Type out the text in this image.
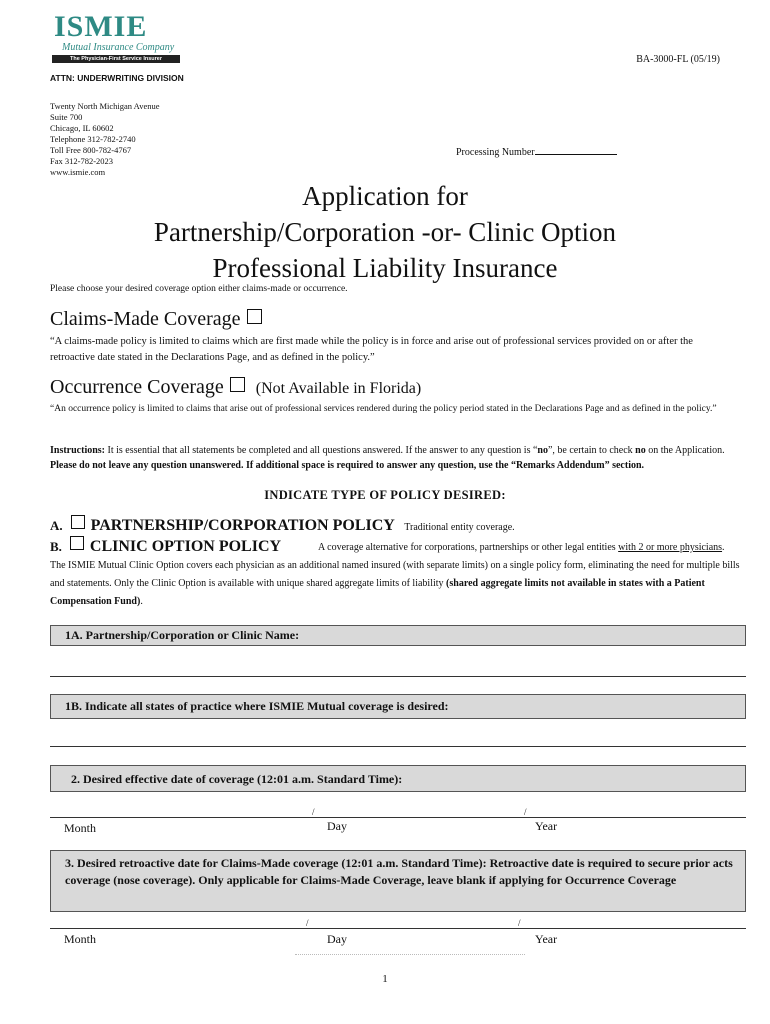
ISMIE
Mutual Insurance Company
The Physician-First Service Insurer	BA-3000-FL (05/19)
ATTN: UNDERWRITING DIVISION
Twenty North Michigan Avenue
Suite 700
Chicago, IL 60602
Telephone 312-782-2740
Toll Free 800-782-4767
Fax 312-782-2023
www.ismie.com
Processing Number
Application for
Partnership/Corporation -or- Clinic Option
Professional Liability Insurance
Please choose your desired coverage option either claims-made or occurrence.
Claims-Made Coverage
“A claims-made policy is limited to claims which are first made while the policy is in force and arise out of professional services provided on or after the retroactive date stated in the Declarations Page, and as defined in the policy.”
Occurrence Coverage (Not Available in Florida)
“An occurrence policy is limited to claims that arise out of professional services rendered during the policy period stated in the Declarations Page and as defined in the policy.”
Instructions: It is essential that all statements be completed and all questions answered. If the answer to any question is “no”, be certain to check no on the Application. Please do not leave any question unanswered. If additional space is required to answer any question, use the “Remarks Addendum” section.
INDICATE TYPE OF POLICY DESIRED:
A. PARTNERSHIP/CORPORATION POLICY Traditional entity coverage.
B. CLINIC OPTION POLICY	A coverage alternative for corporations, partnerships or other legal entities with 2 or more physicians. The ISMIE Mutual Clinic Option covers each physician as an additional named insured (with separate limits) on a single policy form, eliminating the need for multiple bills and statements. Only the Clinic Option is available with unique shared aggregate limits of liability (shared aggregate limits not available in states with a Patient Compensation Fund).
1A. Partnership/Corporation or Clinic Name:
1B. Indicate all states of practice where ISMIE Mutual coverage is desired:
2. Desired effective date of coverage (12:01 a.m. Standard Time):
/	/
Month	Day	Year
3. Desired retroactive date for Claims-Made coverage (12:01 a.m. Standard Time): Retroactive date is required to secure prior acts coverage (nose coverage). Only applicable for Claims-Made Coverage, leave blank if applying for Occurrence Coverage
/	/
Month	Day	Year
1
